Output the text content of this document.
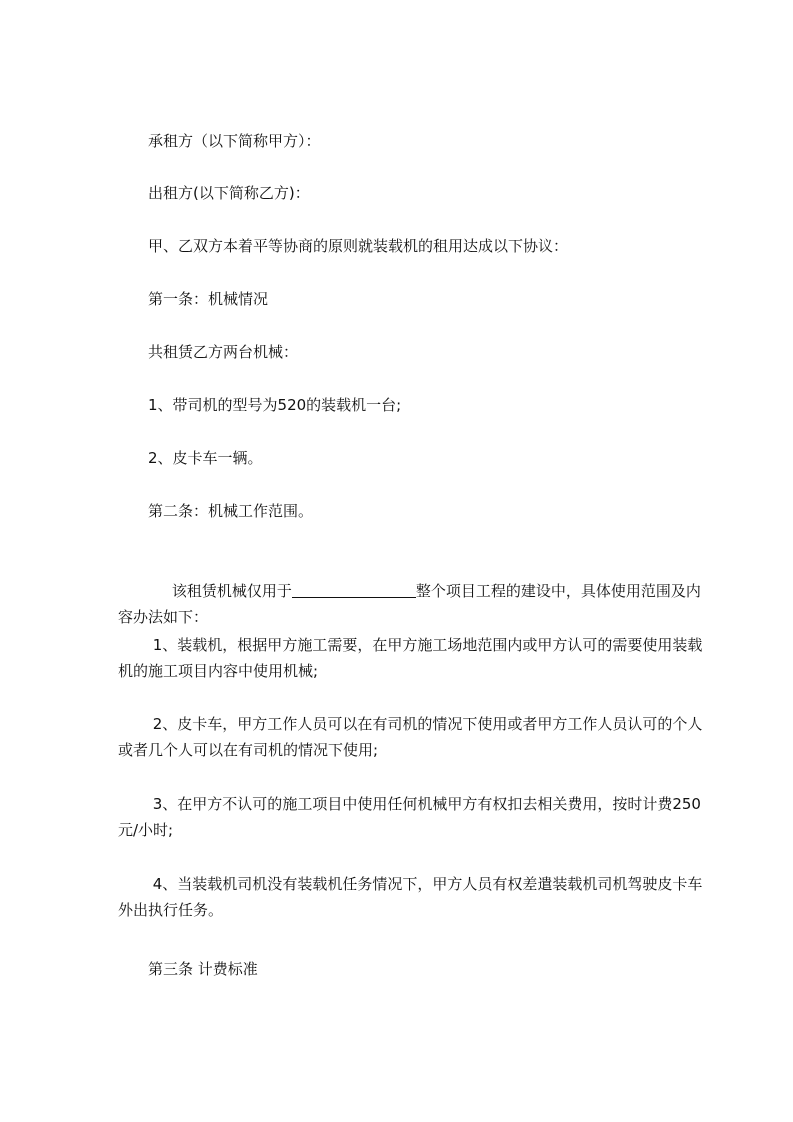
　　承租方（以下简称甲方）：
　　出租方(以下简称乙方)：
　　甲、乙双方本着平等协商的原则就装载机的租用达成以下协议：
　　第一条：机械情况
　　共租赁乙方两台机械：
　　1、带司机的型号为520的装载机一台;
　　2、皮卡车一辆。
　　第二条：机械工作范围。

　　 该租赁机械仅用于	整个项目工程的建设中，具体使用范围及内容办法如下：

　　 1、装载机，根据甲方施工需要，在甲方施工场地范围内或甲方认可的需要使用装载机的施工项目内容中使用机械;
　　 2、皮卡车，甲方工作人员可以在有司机的情况下使用或者甲方工作人员认可的个人或者几个人可以在有司机的情况下使用;
　　 3、在甲方不认可的施工项目中使用任何机械甲方有权扣去相关费用，按时计费250元/小时;
　　 4、当装载机司机没有装载机任务情况下，甲方人员有权差遣装载机司机驾驶皮卡车外出执行任务。
　　第三条 计费标准
